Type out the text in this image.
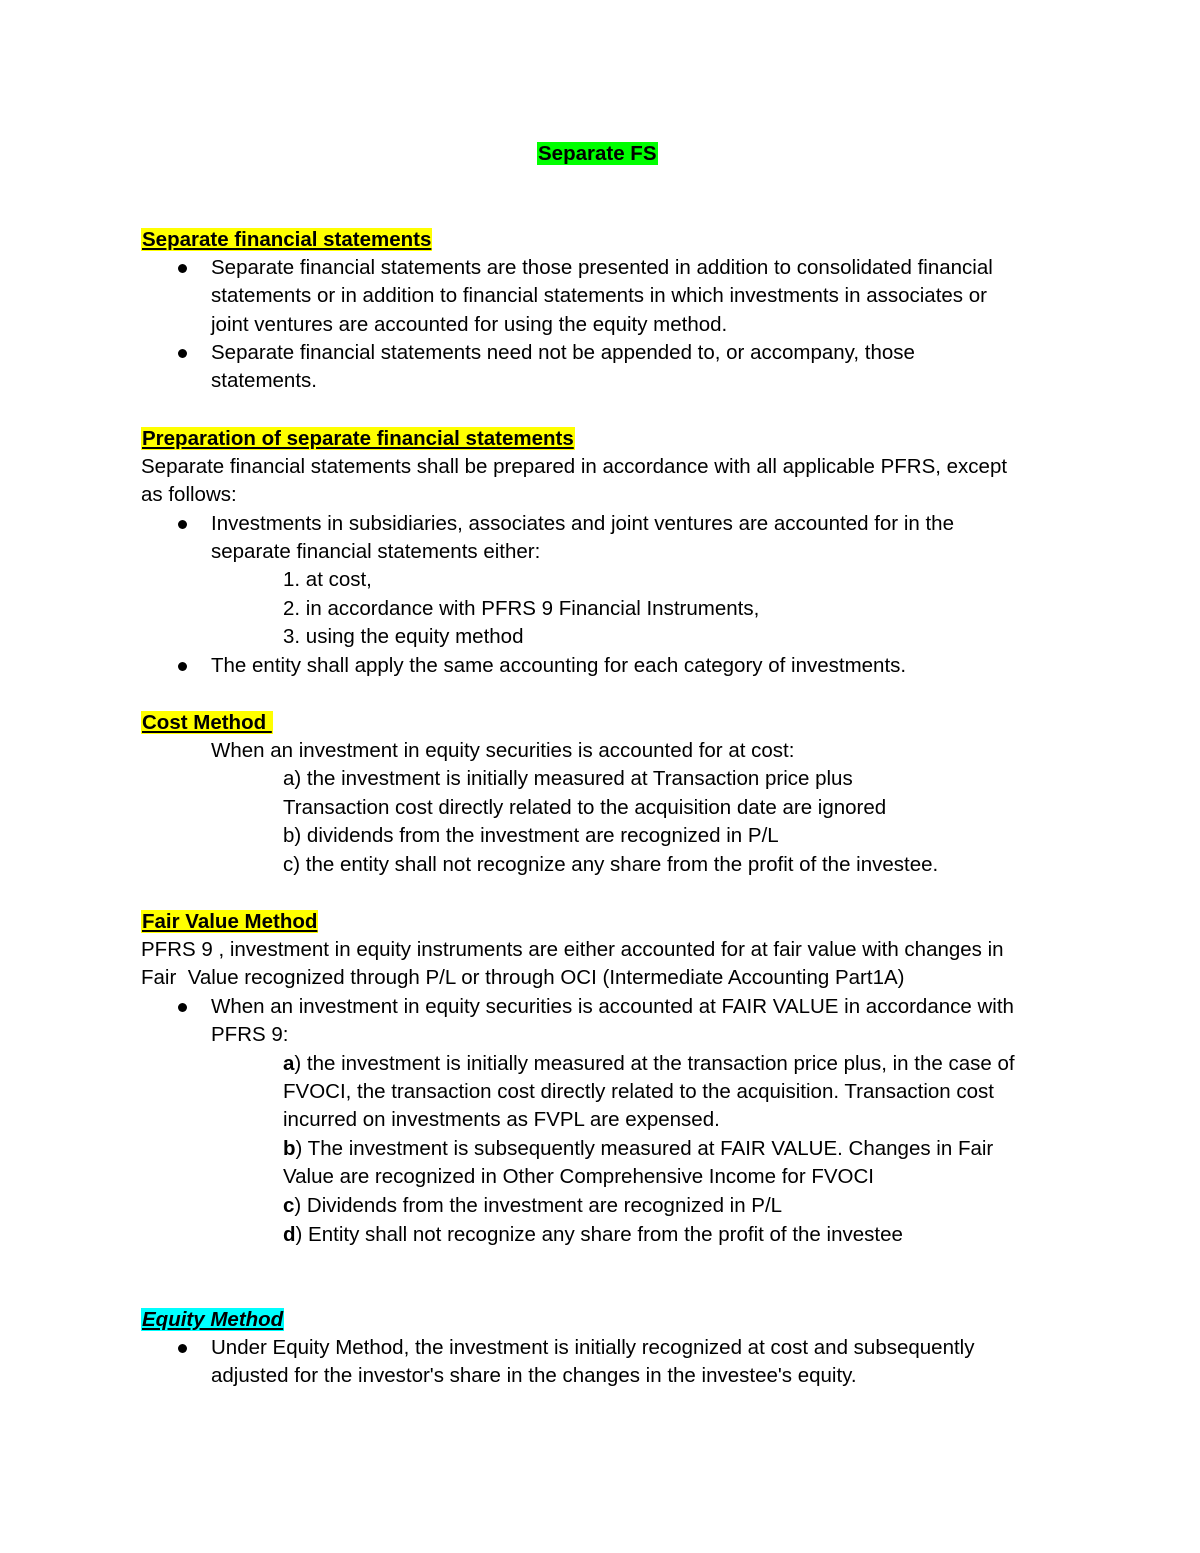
Separate FS
Separate financial statements
Separate financial statements are those presented in addition to consolidated financial
statements or in addition to financial statements in which investments in associates or
joint ventures are accounted for using the equity method.
Separate financial statements need not be appended to, or accompany, those
statements.
Preparation of separate financial statements
Separate financial statements shall be prepared in accordance with all applicable PFRS, except
as follows:
Investments in subsidiaries, associates and joint ventures are accounted for in the
separate financial statements either:
1. at cost,
2. in accordance with PFRS 9 Financial Instruments,
3. using the equity method
The entity shall apply the same accounting for each category of investments.
Cost Method
When an investment in equity securities is accounted for at cost:
a) the investment is initially measured at Transaction price plus
Transaction cost directly related to the acquisition date are ignored
b) dividends from the investment are recognized in P/L
c) the entity shall not recognize any share from the profit of the investee.
Fair Value Method
PFRS 9 , investment in equity instruments are either accounted for at fair value with changes in
Fair  Value recognized through P/L or through OCI (Intermediate Accounting Part1A)
When an investment in equity securities is accounted at FAIR VALUE in accordance with
PFRS 9:
a) the investment is initially measured at the transaction price plus, in the case of
FVOCI, the transaction cost directly related to the acquisition. Transaction cost
incurred on investments as FVPL are expensed.
b) The investment is subsequently measured at FAIR VALUE. Changes in Fair
Value are recognized in Other Comprehensive Income for FVOCI
c) Dividends from the investment are recognized in P/L
d) Entity shall not recognize any share from the profit of the investee
Equity Method
Under Equity Method, the investment is initially recognized at cost and subsequently
adjusted for the investor's share in the changes in the investee's equity.
